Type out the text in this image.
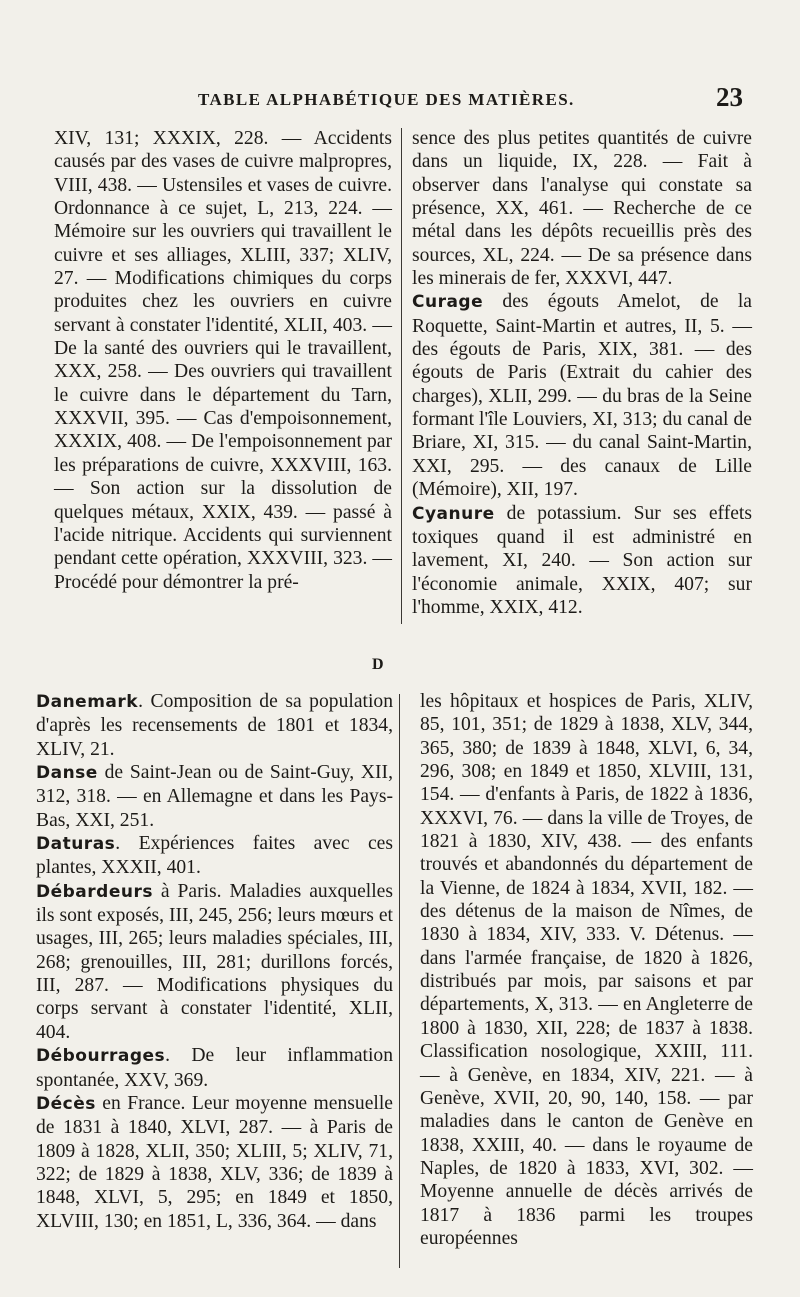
TABLE ALPHABÉTIQUE DES MATIÈRES.	23

XIV, 131; XXXIX, 228. — Accidents causés par des vases de cuivre malpropres, VIII, 438. — Ustensiles et vases de cuivre. Ordonnance à ce sujet, L, 213, 224. — Mémoire sur les ouvriers qui travaillent le cuivre et ses alliages, XLIII, 337; XLIV, 27. — Modifications chimiques du corps produites chez les ouvriers en cuivre servant à constater l'identité, XLII, 403. — De la santé des ouvriers qui le travaillent, XXX, 258. — Des ouvriers qui travaillent le cuivre dans le département du Tarn, XXXVII, 395. — Cas d'empoisonnement, XXXIX, 408. — De l'empoisonnement par les préparations de cuivre, XXXVIII, 163. — Son action sur la dissolution de quelques métaux, XXIX, 439. — passé à l'acide nitrique. Accidents qui surviennent pendant cette opération, XXXVIII, 323. — Procédé pour démontrer la pré-

sence des plus petites quantités de cuivre dans un liquide, IX, 228. — Fait à observer dans l'analyse qui constate sa présence, XX, 461. — Recherche de ce métal dans les dépôts recueillis près des sources, XL, 224. — De sa présence dans les minerais de fer, XXXVI, 447.

Curage des égouts Amelot, de la Roquette, Saint-Martin et autres, II, 5. — des égouts de Paris, XIX, 381. — des égouts de Paris (Extrait du cahier des charges), XLII, 299. — du bras de la Seine formant l'île Louviers, XI, 313; du canal de Briare, XI, 315. — du canal Saint-Martin, XXI, 295. — des canaux de Lille (Mémoire), XII, 197.

Cyanure de potassium. Sur ses effets toxiques quand il est administré en lavement, XI, 240. — Son action sur l'économie animale, XXIX, 407; sur l'homme, XXIX, 412.

D

Danemark. Composition de sa population d'après les recensements de 1801 et 1834, XLIV, 21.

Danse de Saint-Jean ou de Saint-Guy, XII, 312, 318. — en Allemagne et dans les Pays-Bas, XXI, 251.

Daturas. Expériences faites avec ces plantes, XXXII, 401.

Débardeurs à Paris. Maladies auxquelles ils sont exposés, III, 245, 256; leurs mœurs et usages, III, 265; leurs maladies spéciales, III, 268; grenouilles, III, 281; durillons forcés, III, 287. — Modifications physiques du corps servant à constater l'identité, XLII, 404.

Débourrages. De leur inflammation spontanée, XXV, 369.

Décès en France. Leur moyenne mensuelle de 1831 à 1840, XLVI, 287. — à Paris de 1809 à 1828, XLII, 350; XLIII, 5; XLIV, 71, 322; de 1829 à 1838, XLV, 336; de 1839 à 1848, XLVI, 5, 295; en 1849 et 1850, XLVIII, 130; en 1851, L, 336, 364. — dans

les hôpitaux et hospices de Paris, XLIV, 85, 101, 351; de 1829 à 1838, XLV, 344, 365, 380; de 1839 à 1848, XLVI, 6, 34, 296, 308; en 1849 et 1850, XLVIII, 131, 154. — d'enfants à Paris, de 1822 à 1836, XXXVI, 76. — dans la ville de Troyes, de 1821 à 1830, XIV, 438. — des enfants trouvés et abandonnés du département de la Vienne, de 1824 à 1834, XVII, 182. — des détenus de la maison de Nîmes, de 1830 à 1834, XIV, 333. V. Détenus. — dans l'armée française, de 1820 à 1826, distribués par mois, par saisons et par départements, X, 313. — en Angleterre de 1800 à 1830, XII, 228; de 1837 à 1838. Classification nosologique, XXIII, 111. — à Genève, en 1834, XIV, 221. — à Genève, XVII, 20, 90, 140, 158. — par maladies dans le canton de Genève en 1838, XXIII, 40. — dans le royaume de Naples, de 1820 à 1833, XVI, 302. — Moyenne annuelle de décès arrivés de 1817 à 1836 parmi les troupes européennes
